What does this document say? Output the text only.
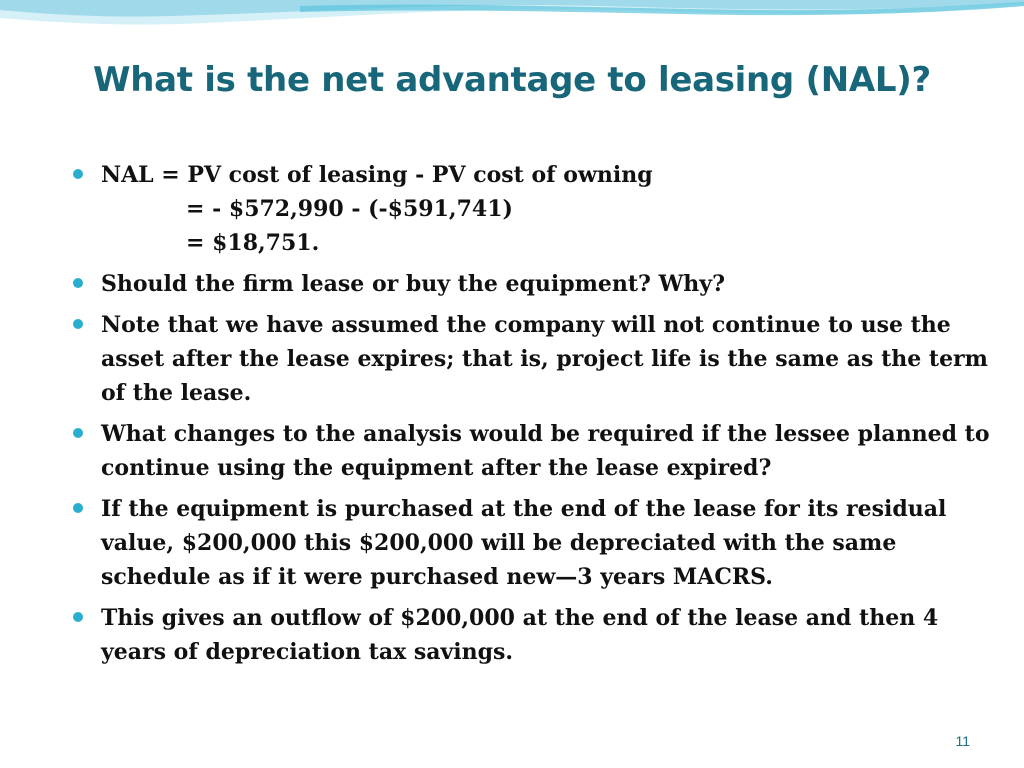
What is the net advantage to leasing (NAL)?
NAL = PV cost of leasing - PV cost of owning
= - $572,990 - (-$591,741)
= $18,751.
Should the firm lease or buy the equipment? Why?
Note that we have assumed the company will not continue to use the asset after the lease expires; that is, project life is the same as the term of the lease.
What changes to the analysis would be required if the lessee planned to continue using the equipment after the lease expired?
If the equipment is purchased at the end of the lease for its residual value, $200,000 this $200,000 will be depreciated with the same schedule as if it were purchased new—3 years MACRS.
This gives an outflow of $200,000 at the end of the lease and then 4 years of depreciation tax savings.
11
